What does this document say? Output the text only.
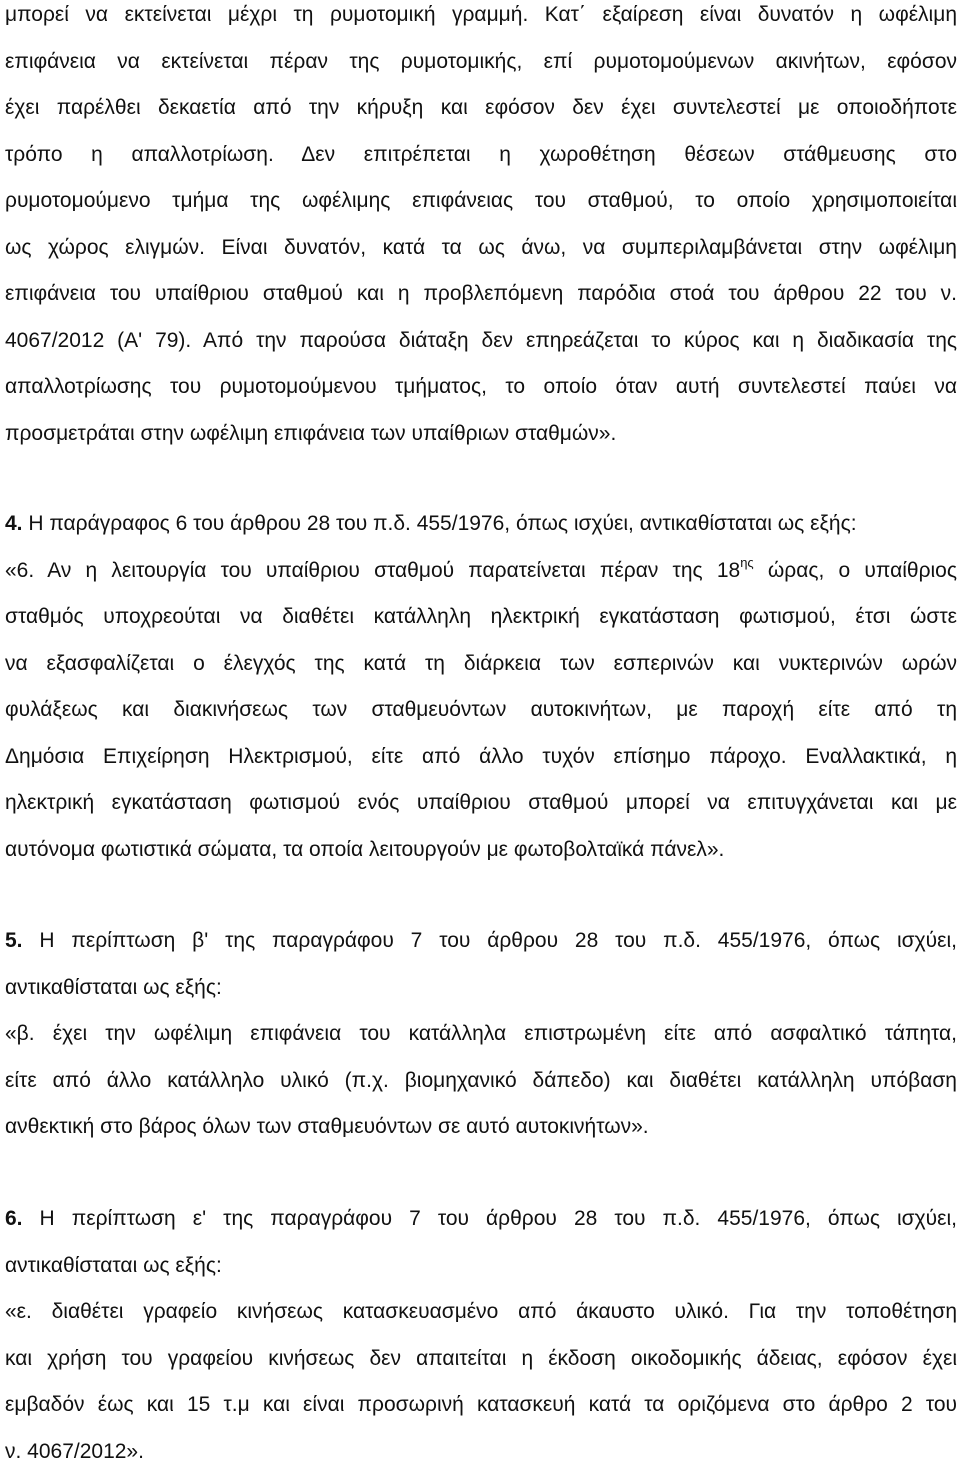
μπορεί να εκτείνεται μέχρι τη ρυμοτομική γραμμή. Κατ΄ εξαίρεση είναι δυνατόν η ωφέλιμη
επιφάνεια να εκτείνεται πέραν της ρυμοτομικής, επί ρυμοτομούμενων ακινήτων, εφόσον
έχει παρέλθει δεκαετία από την κήρυξη και εφόσον δεν έχει συντελεστεί με οποιοδήποτε
τρόπο η απαλλοτρίωση. Δεν επιτρέπεται η χωροθέτηση θέσεων στάθμευσης στο
ρυμοτομούμενο τμήμα της ωφέλιμης επιφάνειας του σταθμού, το οποίο χρησιμοποιείται
ως χώρος ελιγμών. Είναι δυνατόν, κατά τα ως άνω, να συμπεριλαμβάνεται στην ωφέλιμη
επιφάνεια του υπαίθριου σταθμού και η προβλεπόμενη παρόδια στοά του άρθρου 22 του ν.
4067/2012 (Α' 79). Από την παρούσα διάταξη δεν επηρεάζεται το κύρος και η διαδικασία της
απαλλοτρίωσης του ρυμοτομούμενου τμήματος, το οποίο όταν αυτή συντελεστεί παύει να
προσμετράται στην ωφέλιμη επιφάνεια των υπαίθριων σταθμών».
4. Η παράγραφος 6 του άρθρου 28 του π.δ. 455/1976, όπως ισχύει, αντικαθίσταται ως εξής:
«6. Αν η λειτουργία του υπαίθριου σταθμού παρατείνεται πέραν της $18^{\eta\varsigma}$ ώρας, ο υπαίθριος
σταθμός υποχρεούται να διαθέτει κατάλληλη ηλεκτρική εγκατάσταση φωτισμού, έτσι ώστε
να εξασφαλίζεται ο έλεγχός της κατά τη διάρκεια των εσπερινών και νυκτερινών ωρών
φυλάξεως και διακινήσεως των σταθμευόντων αυτοκινήτων, με παροχή είτε από τη
Δημόσια Επιχείρηση Ηλεκτρισμού, είτε από άλλο τυχόν επίσημο πάροχο. Εναλλακτικά, η
ηλεκτρική εγκατάσταση φωτισμού ενός υπαίθριου σταθμού μπορεί να επιτυγχάνεται και με
αυτόνομα φωτιστικά σώματα, τα οποία λειτουργούν με φωτοβολταϊκά πάνελ».
5. Η περίπτωση β' της παραγράφου 7 του άρθρου 28 του π.δ. 455/1976, όπως ισχύει,
αντικαθίσταται ως εξής:
«β. έχει την ωφέλιμη επιφάνεια του κατάλληλα επιστρωμένη είτε από ασφαλτικό τάπητα,
είτε από άλλο κατάλληλο υλικό (π.χ. βιομηχανικό δάπεδο) και διαθέτει κατάλληλη υπόβαση
ανθεκτική στο βάρος όλων των σταθμευόντων σε αυτό αυτοκινήτων».
6. Η περίπτωση ε' της παραγράφου 7 του άρθρου 28 του π.δ. 455/1976, όπως ισχύει,
αντικαθίσταται ως εξής:
«ε. διαθέτει γραφείο κινήσεως κατασκευασμένο από άκαυστο υλικό. Για την τοποθέτηση
και χρήση του γραφείου κινήσεως δεν απαιτείται η έκδοση οικοδομικής άδειας, εφόσον έχει
εμβαδόν έως και 15 τ.μ και είναι προσωρινή κατασκευή κατά τα οριζόμενα στο άρθρο 2 του
ν. 4067/2012».
